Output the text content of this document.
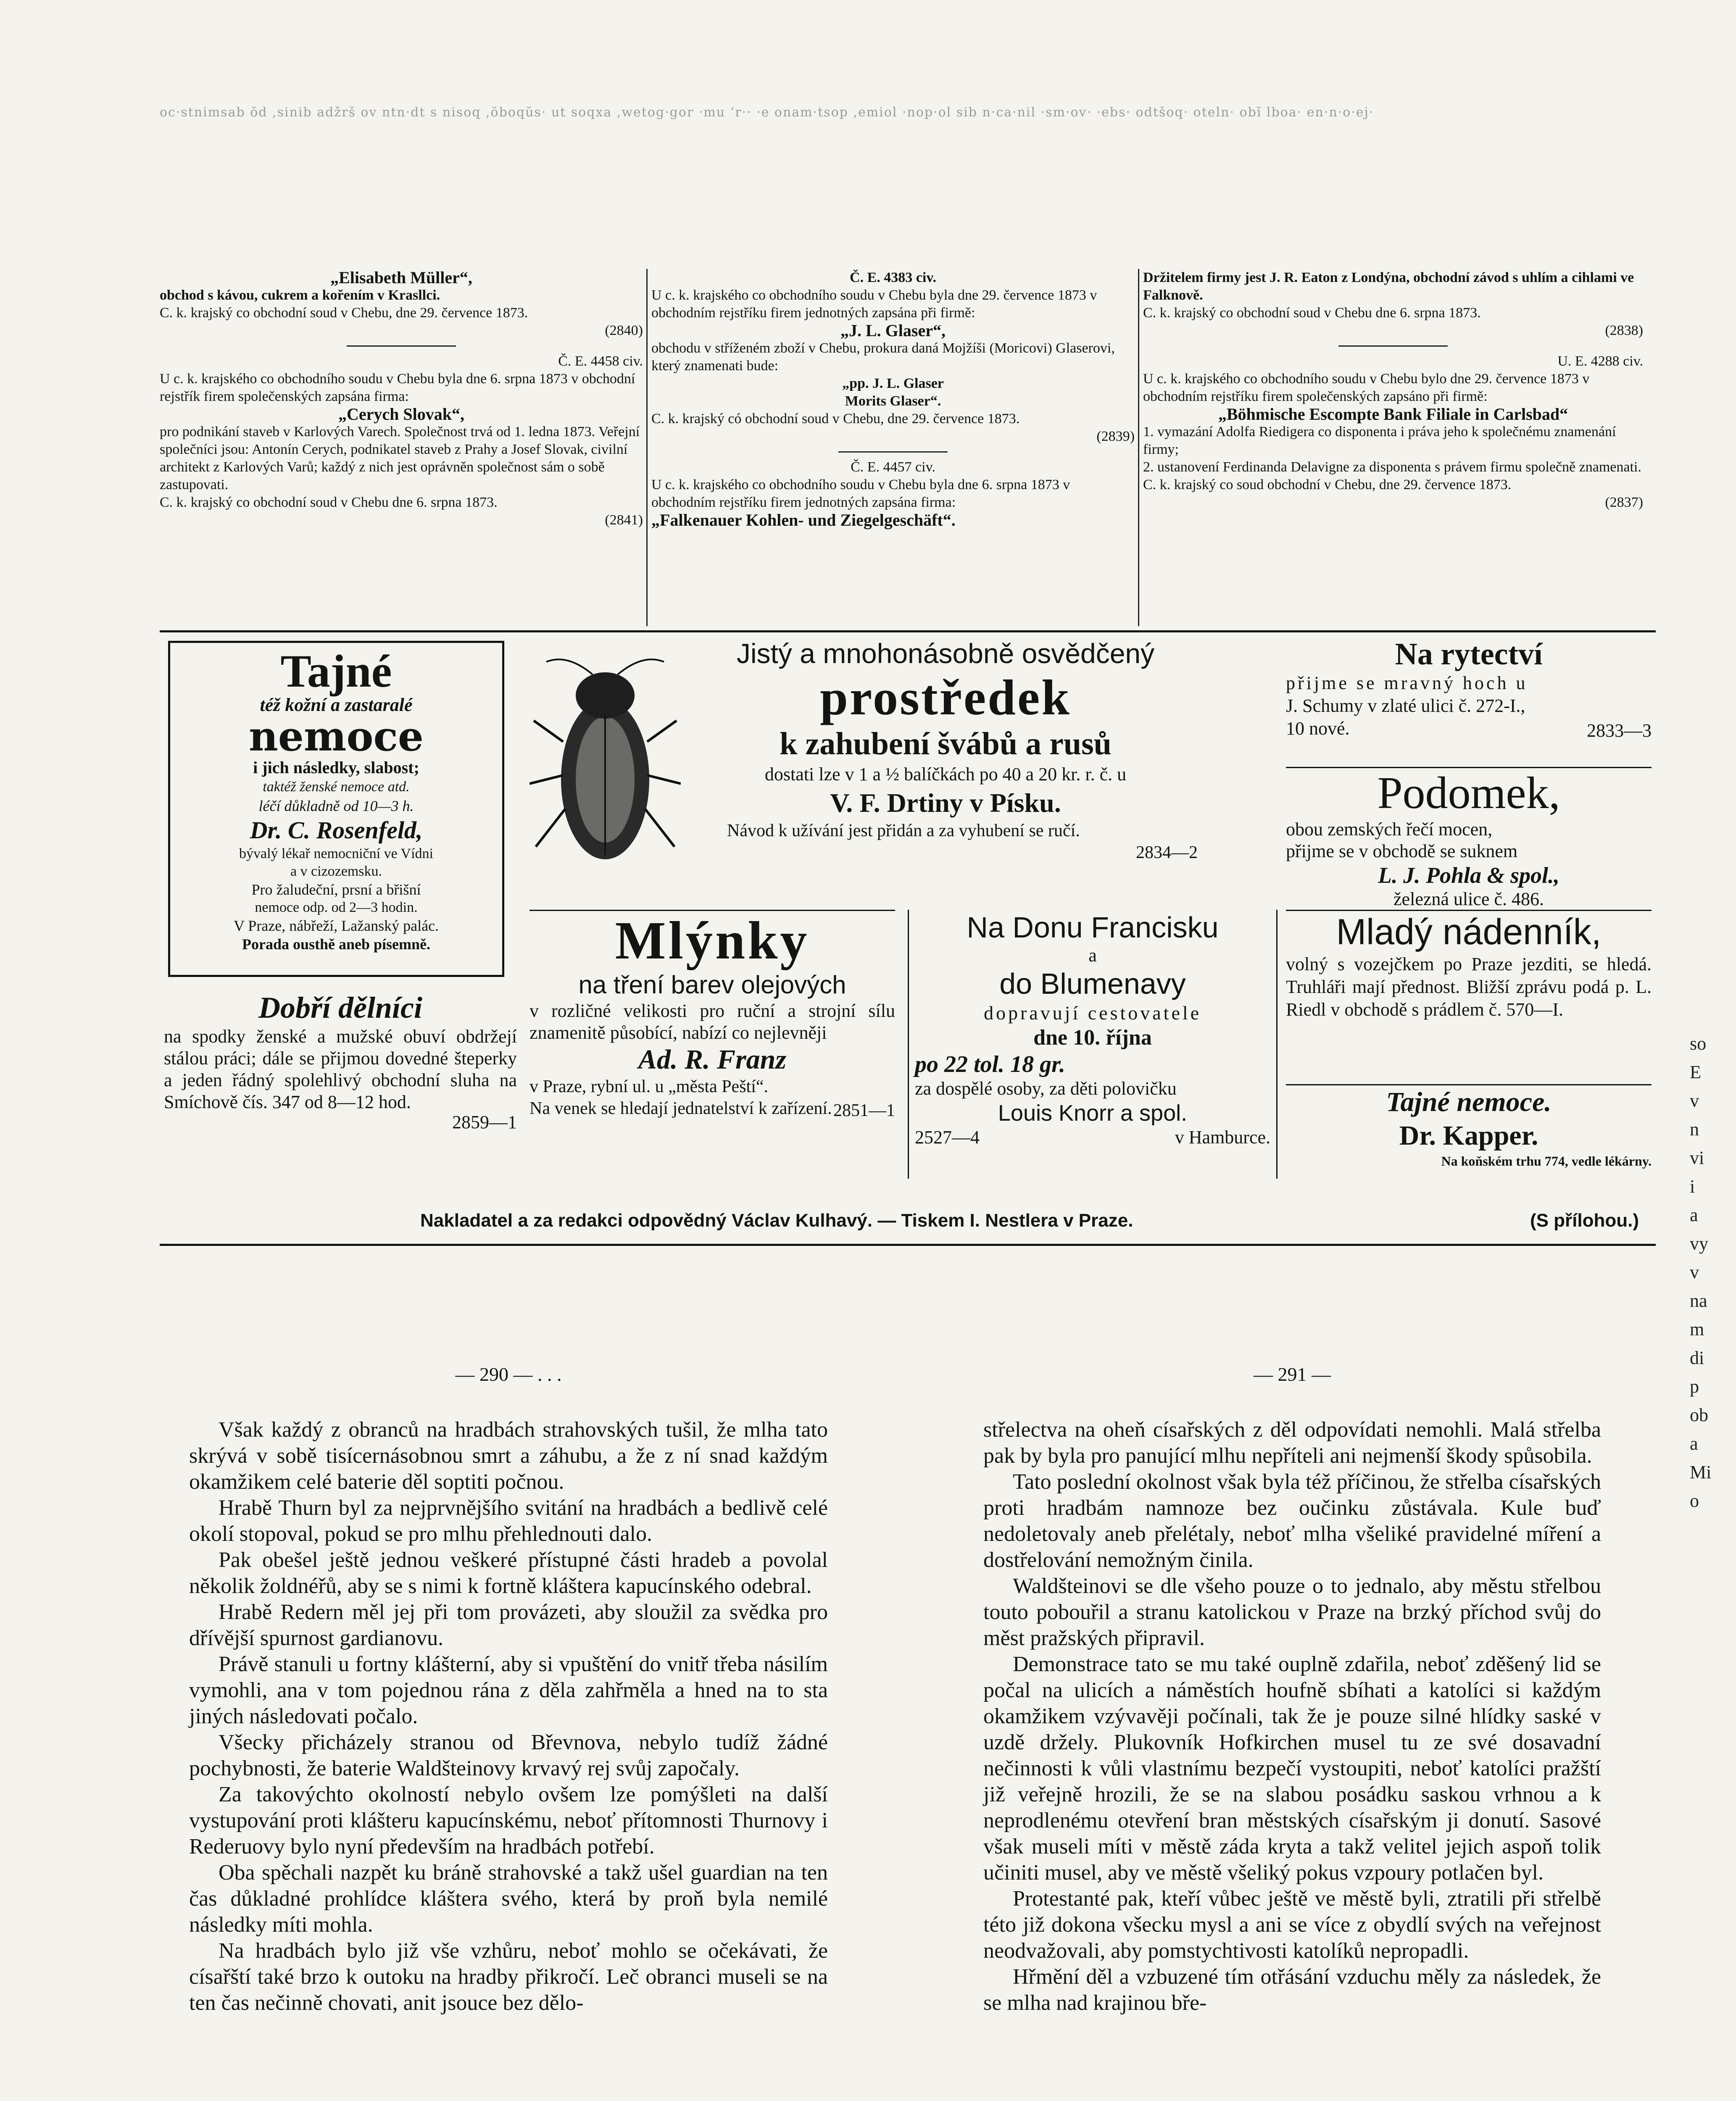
oc·stnimsab ŏd ,sinib adžrš ov ntn·dt s nisoq ,ŏboqŭs· ut soqxa ,wetog·gor ·mu ʻr·· ·e onam·tsop ,emiol ·nop·ol sib n·ca·nil ·sm·ov· ·ebs· odtšoq· oteln· obĭ lboa· en·n·o·ej·

„Elisabeth Müller“,

obchod s kávou, cukrem a kořením v Krasllci.

C. k. krajský co obchodní soud v Chebu, dne 29. července 1873.

(2840)

Č. E. 4458 civ.

U c. k. krajského co obchodního soudu v Chebu byla dne 6. srpna 1873 v obchodní rejstřík firem společenských zapsána firma:

„Cerych Slovak“,

pro podnikání staveb v Karlových Varech. Společnost trvá od 1. ledna 1873. Veřejní společníci jsou: Antonín Cerych, podnikatel staveb z Prahy a Josef Slovak, civilní architekt z Karlových Varů; každý z nich jest oprávněn společnost sám o sobě zastupovati.

C. k. krajský co obchodní soud v Chebu dne 6. srpna 1873.

(2841)

Č. E. 4383 civ.

U c. k. krajského co obchodního soudu v Chebu byla dne 29. července 1873 v obchodním rejstříku firem jednotných zapsána při firmě:

„J. L. Glaser“,

obchodu v stříženém zboží v Chebu, prokura daná Mojžíši (Moricovi) Glaserovi, který znamenati bude:

„pp. J. L. Glaser

Morits Glaser“.

C. k. krajský có obchodní soud v Chebu, dne 29. července 1873.

(2839)

Č. E. 4457 civ.

U c. k. krajského co obchodního soudu v Chebu byla dne 6. srpna 1873 v obchodním rejstříku firem jednotných zapsána firma:

„Falkenauer Kohlen- und Ziegelgeschäft“.

Držitelem firmy jest J. R. Eaton z Londýna, obchodní závod s uhlím a cihlami ve Falknově.

C. k. krajský co obchodní soud v Chebu dne 6. srpna 1873.

(2838)

U. E. 4288 civ.

U c. k. krajského co obchodního soudu v Chebu bylo dne 29. července 1873 v obchodním rejstříku firem společenských zapsáno při firmě:

„Böhmische Escompte Bank Filiale in Carlsbad“

1. vymazání Adolfa Riedigera co disponenta i práva jeho k společnému znamenání firmy;

2. ustanovení Ferdinanda Delavigne za disponenta s právem firmu společně znamenati.

C. k. krajský co soud obchodní v Chebu, dne 29. července 1873.

(2837)

Tajné

též kožní a zastaralé

nemoce

i jich následky, slabost;

taktéž ženské nemoce atd.

léčí důkladně od 10—3 h.

Dr. C. Rosenfeld,

bývalý lékař nemocniční ve Vídni

a v cizozemsku.

Pro žaludeční, prsní a břišní

nemoce odp. od 2—3 hodin.

V Praze, nábřeží, Lažanský palác.

Porada ousthě aneb písemně.

Jistý a mnohonásobně osvědčený

prostředek

k zahubení švábů a rusů

dostati lze v 1 a ½ balíčkách po 40 a 20 kr. r. č. u

V. F. Drtiny v Písku.

Návod k užívání jest přidán a za vyhubení se ručí.

2834—2

Na rytectví

přijme se mravný hoch u

J. Schumy v zlaté ulici č. 272-I.,

10 nové.	2833—3

Podomek,

obou zemských řečí mocen,

přijme se v obchodě se suknem

L. J. Pohla & spol.,

železná ulice č. 486.

Dobří dělníci

na spodky ženské a mužské obuví obdržejí stálou práci; dále se přijmou dovedné šteperky a jeden řádný spolehlivý obchodní sluha na Smíchově čís. 347 od 8—12 hod.

2859—1

Mlýnky

na tření barev olejových

v rozličné velikosti pro ruční a strojní sílu znamenitě působící, nabízí co nejlevněji

Ad. R. Franz

v Praze, rybní ul. u „města Peští“.

Na venek se hledají jednatelství k zařízení. 2851—1

Na Donu Francisku

a

do Blumenavy

dopravují cestovatele

dne 10. října

po 22 tol. 18 gr.

za dospělé osoby, za děti polovičku

Louis Knorr a spol.

2527—4	v Hamburce.

Mladý nádenník,

volný s vozejčkem po Praze jezditi, se hledá. Truhláři mají přednost. Bližší zprávu podá p. L. Riedl v obchodě s prádlem č. 570—I.

Tajné nemoce.

Dr. Kapper.

Na koňském trhu 774, vedle lékárny.

Nakladatel a za redakci odpovědný Václav Kulhavý. — Tiskem I. Nestlera v Praze.	(S přílohou.)

— 290 — . . .

Však každý z obranců na hradbách strahovských tušil, že mlha tato skrývá v sobě tisícernásobnou smrt a záhubu, a že z ní snad každým okamžikem celé baterie děl soptiti počnou.

Hrabě Thurn byl za nejprvnějšího svitání na hradbách a bedlivě celé okolí stopoval, pokud se pro mlhu přehlednouti dalo.

Pak obešel ještě jednou veškeré přístupné části hradeb a povolal několik žoldnéřů, aby se s nimi k fortně kláštera kapucínského odebral.

Hrabě Redern měl jej při tom provázeti, aby sloužil za svědka pro dřívější spurnost gardianovu.

Právě stanuli u fortny klášterní, aby si vpuštění do vnitř třeba násilím vymohli, ana v tom pojednou rána z děla zahřměla a hned na to sta jiných následovati počalo.

Všecky přicházely stranou od Břevnova, nebylo tudíž žádné pochybnosti, že baterie Waldšteinovy krvavý rej svůj započaly.

Za takovýchto okolností nebylo ovšem lze pomýšleti na další vystupování proti klášteru kapucínskému, neboť přítomnosti Thurnovy i Rederuovy bylo nyní především na hradbách potřebí.

Oba spěchali nazpět ku bráně strahovské a takž ušel guardian na ten čas důkladné prohlídce kláštera svého, která by proň byla nemilé následky míti mohla.

Na hradbách bylo již vše vzhůru, neboť mohlo se očekávati, že císařští také brzo k outoku na hradby přikročí. Leč obranci museli se na ten čas nečinně chovati, anit jsouce bez dělo-

— 291 —

střelectva na oheň císařských z děl odpovídati nemohli. Malá střelba pak by byla pro panující mlhu nepříteli ani nejmenší škody spůsobila.

Tato poslední okolnost však byla též příčinou, že střelba císařských proti hradbám namnoze bez oučinku zůstávala. Kule buď nedoletovaly aneb přelétaly, neboť mlha všeliké pravidelné míření a dostřelování nemožným činila.

Waldšteinovi se dle všeho pouze o to jednalo, aby městu střelbou touto pobouřil a stranu katolickou v Praze na brzký příchod svůj do měst pražských připravil.

Demonstrace tato se mu také ouplně zdařila, neboť zděšený lid se počal na ulicích a náměstích houfně sbíhati a katolíci si každým okamžikem vzývavěji počínali, tak že je pouze silné hlídky saské v uzdě držely. Plukovník Hofkirchen musel tu ze své dosavadní nečinnosti k vůli vlastnímu bezpečí vystoupiti, neboť katolíci pražští již veřejně hrozili, že se na slabou posádku saskou vrhnou a k neprodlenému otevření bran městských císařským ji donutí. Sasové však museli míti v městě záda kryta a takž velitel jejich aspoň tolik učiniti musel, aby ve městě všeliký pokus vzpoury potlačen byl.

Protestanté pak, kteří vůbec ještě ve městě byli, ztratili při střelbě této již dokona všecku mysl a ani se více z obydlí svých na veřejnost neodvažovali, aby pomstychtivosti katolíků nepropadli.

Hřmění děl a vzbuzené tím otřásání vzduchu měly za následek, že se mlha nad krajinou bře-

so
E
v
n
vi
i
a
vy
v
na
m
di
p
ob
a
Mi
o
